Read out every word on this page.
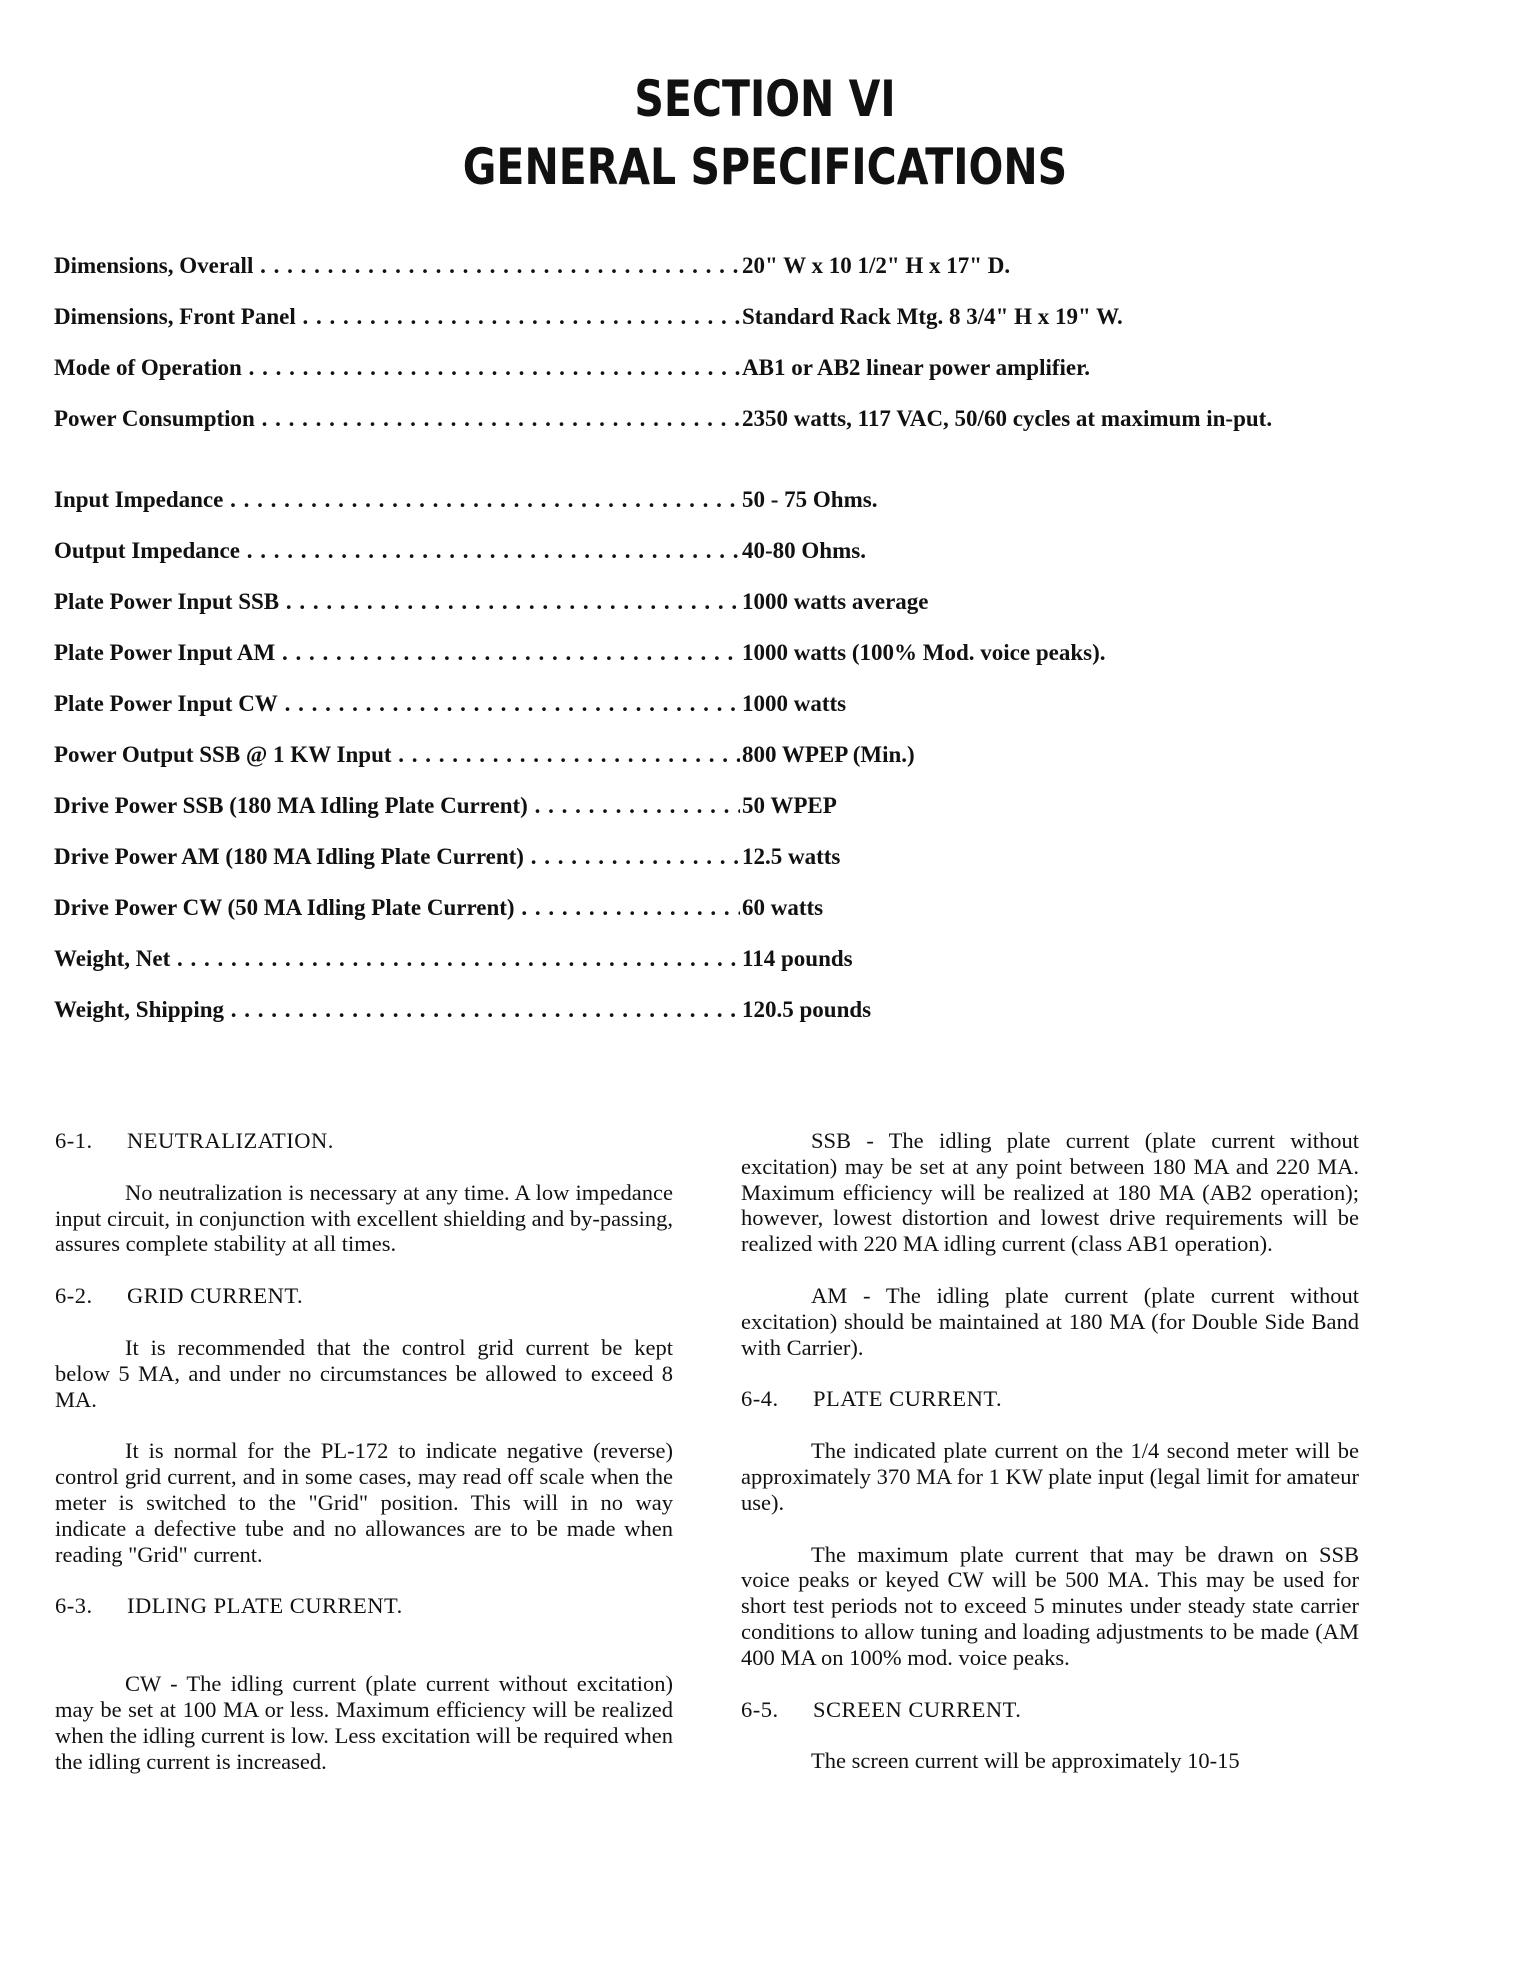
SECTION VI
GENERAL SPECIFICATIONS
Dimensions, Overall . . .	20" W x 10 1/2" H x 17" D.
Dimensions, Front Panel . . .	Standard Rack Mtg. 8 3/4" H x 19" W.
Mode of Operation . . .	AB1 or AB2 linear power amplifier.
Power Consumption . . .	2350 watts, 117 VAC, 50/60 cycles at maximum in-put.
Input Impedance . . .	50 - 75 Ohms.
Output Impedance . . .	40-80 Ohms.
Plate Power Input SSB . . .	1000 watts average
Plate Power Input AM . . .	1000 watts (100% Mod. voice peaks).
Plate Power Input CW . . .	1000 watts
Power Output SSB @ 1 KW Input . . .	800 WPEP (Min.)
Drive Power SSB (180 MA Idling Plate Current) . . .	50 WPEP
Drive Power AM (180 MA Idling Plate Current) . . .	12.5 watts
Drive Power CW (50 MA Idling Plate Current) . . .	60 watts
Weight, Net . . .	114 pounds
Weight, Shipping . . .	120.5 pounds
6-1. NEUTRALIZATION.

No neutralization is necessary at any time. A low impedance input circuit, in conjunction with excellent shielding and by-passing, assures complete stability at all times.

6-2. GRID CURRENT.

It is recommended that the control grid current be kept below 5 MA, and under no circumstances be allowed to exceed 8 MA.

It is normal for the PL-172 to indicate negative (reverse) control grid current, and in some cases, may read off scale when the meter is switched to the "Grid" position. This will in no way indicate a defective tube and no allowances are to be made when reading "Grid" current.

6-3. IDLING PLATE CURRENT.

CW - The idling current (plate current without excitation) may be set at 100 MA or less. Maximum efficiency will be realized when the idling current is low. Less excitation will be required when the idling current is increased.

SSB - The idling plate current (plate current without excitation) may be set at any point between 180 MA and 220 MA. Maximum efficiency will be realized at 180 MA (AB2 operation); however, lowest distortion and lowest drive requirements will be realized with 220 MA idling current (class AB1 operation).

AM - The idling plate current (plate current without excitation) should be maintained at 180 MA (for Double Side Band with Carrier).

6-4. PLATE CURRENT.

The indicated plate current on the 1/4 second meter will be approximately 370 MA for 1 KW plate input (legal limit for amateur use).

The maximum plate current that may be drawn on SSB voice peaks or keyed CW will be 500 MA. This may be used for short test periods not to exceed 5 minutes under steady state carrier conditions to allow tuning and loading adjustments to be made (AM 400 MA on 100% mod. voice peaks.

6-5. SCREEN CURRENT.

The screen current will be approximately 10-15
